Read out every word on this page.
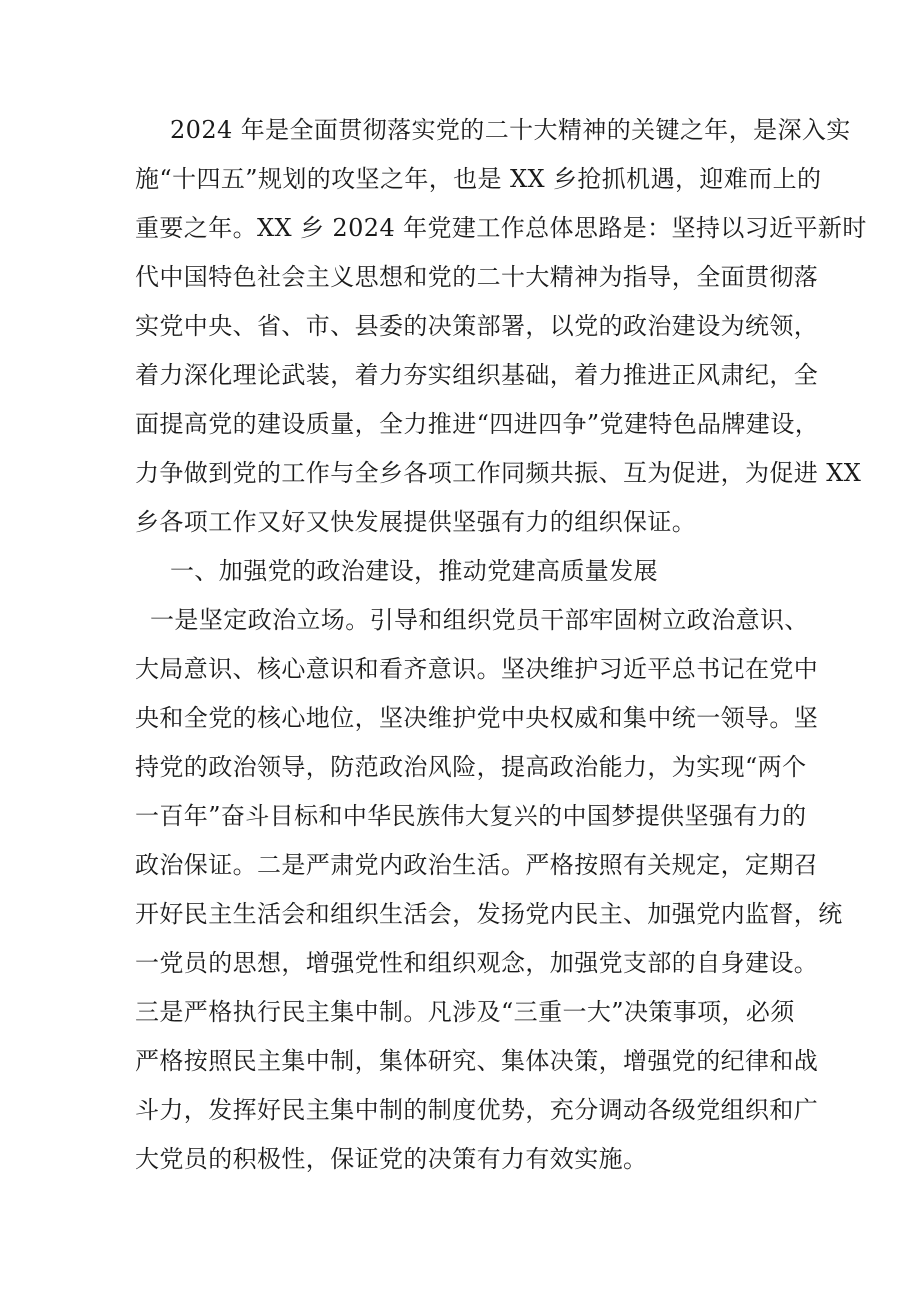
2024 年是全面贯彻落实党的二十大精神的关键之年，是深入实
施“十四五”规划的攻坚之年，也是 XX 乡抢抓机遇，迎难而上的
重要之年。XX 乡 2024 年党建工作总体思路是：坚持以习近平新时
代中国特色社会主义思想和党的二十大精神为指导，全面贯彻落
实党中央、省、市、县委的决策部署，以党的政治建设为统领，
着力深化理论武装，着力夯实组织基础，着力推进正风肃纪，全
面提高党的建设质量，全力推进“四进四争”党建特色品牌建设，
力争做到党的工作与全乡各项工作同频共振、互为促进，为促进 XX
乡各项工作又好又快发展提供坚强有力的组织保证。
一、加强党的政治建设，推动党建高质量发展
一是坚定政治立场。引导和组织党员干部牢固树立政治意识、
大局意识、核心意识和看齐意识。坚决维护习近平总书记在党中
央和全党的核心地位，坚决维护党中央权威和集中统一领导。坚
持党的政治领导，防范政治风险，提高政治能力，为实现“两个
一百年”奋斗目标和中华民族伟大复兴的中国梦提供坚强有力的
政治保证。二是严肃党内政治生活。严格按照有关规定，定期召
开好民主生活会和组织生活会，发扬党内民主、加强党内监督，统
一党员的思想，增强党性和组织观念，加强党支部的自身建设。
三是严格执行民主集中制。凡涉及“三重一大”决策事项，必须
严格按照民主集中制，集体研究、集体决策，增强党的纪律和战
斗力，发挥好民主集中制的制度优势，充分调动各级党组织和广
大党员的积极性，保证党的决策有力有效实施。
